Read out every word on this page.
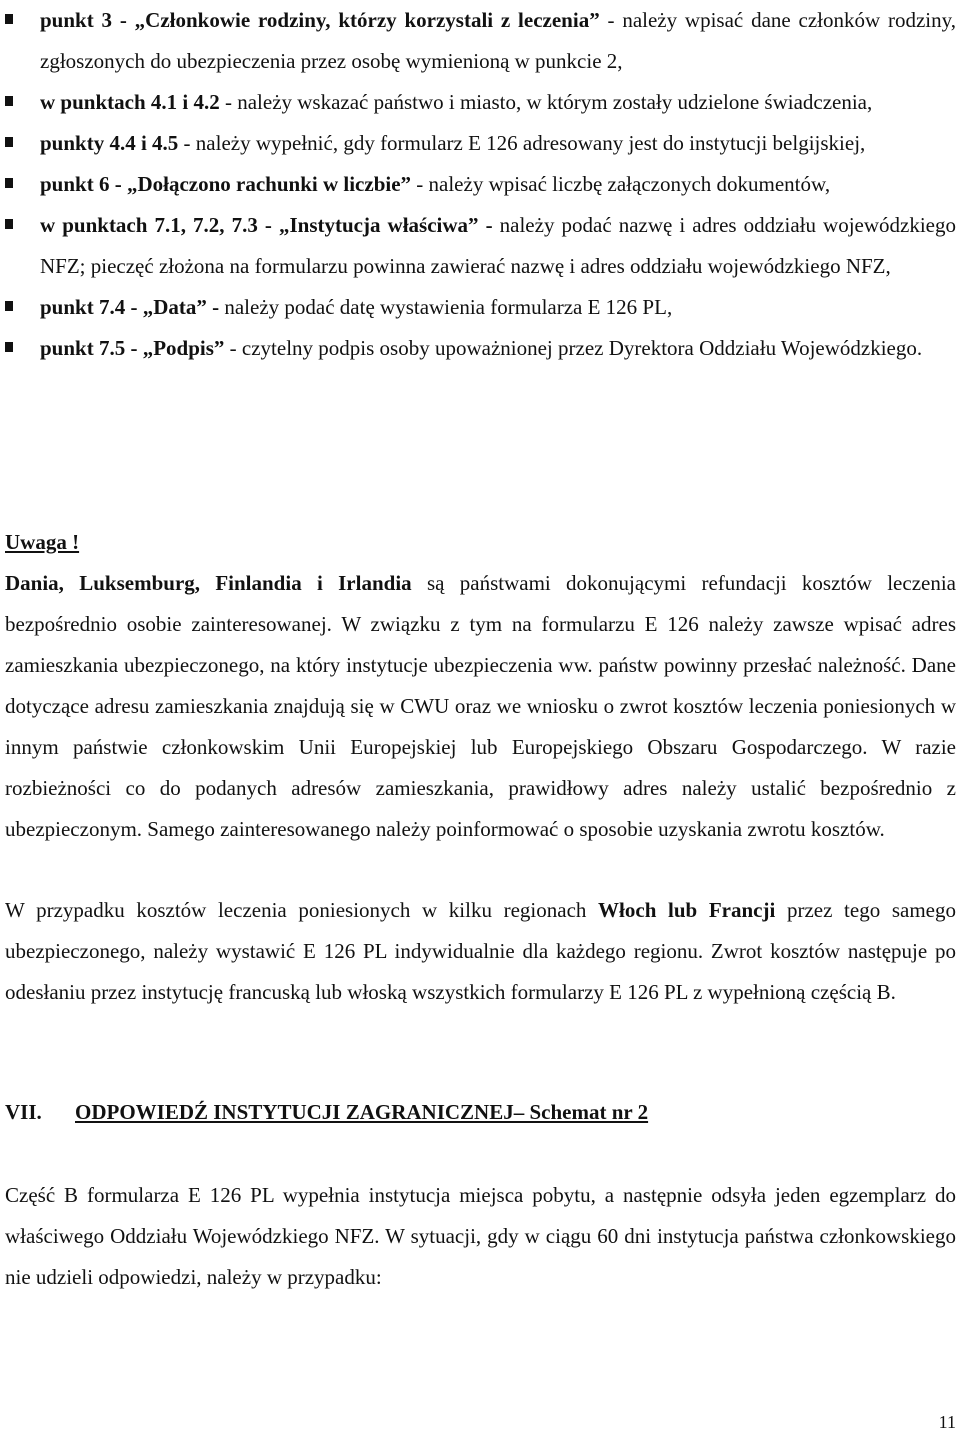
punkt 3 - „Członkowie rodziny, którzy korzystali z leczenia” - należy wpisać dane członków rodziny, zgłoszonych do ubezpieczenia przez osobę wymienioną w punkcie 2,
w punktach 4.1 i 4.2 - należy wskazać państwo i miasto, w którym zostały udzielone świadczenia,
punkty 4.4 i 4.5 - należy wypełnić, gdy formularz E 126 adresowany jest do instytucji belgijskiej,
punkt 6 - „Dołączono rachunki w liczbie” - należy wpisać liczbę załączonych dokumentów,
w punktach 7.1, 7.2, 7.3 - „Instytucja właściwa” - należy podać nazwę i adres oddziału wojewódzkiego NFZ; pieczęć złożona na formularzu powinna zawierać nazwę i adres oddziału wojewódzkiego NFZ,
punkt 7.4 - „Data” - należy podać datę wystawienia formularza E 126 PL,
punkt 7.5 - „Podpis” - czytelny podpis osoby upoważnionej przez Dyrektora Oddziału Wojewódzkiego.
Uwaga !
Dania, Luksemburg, Finlandia i Irlandia są państwami dokonującymi refundacji kosztów leczenia bezpośrednio osobie zainteresowanej. W związku z tym na formularzu E 126 należy zawsze wpisać adres zamieszkania ubezpieczonego, na który instytucje ubezpieczenia ww. państw powinny przesłać należność. Dane dotyczące adresu zamieszkania znajdują się w CWU oraz we wniosku o zwrot kosztów leczenia poniesionych w innym państwie członkowskim Unii Europejskiej lub Europejskiego Obszaru Gospodarczego. W razie rozbieżności co do podanych adresów zamieszkania, prawidłowy adres należy ustalić bezpośrednio z ubezpieczonym. Samego zainteresowanego należy poinformować o sposobie uzyskania zwrotu kosztów.
W przypadku kosztów leczenia poniesionych w kilku regionach Włoch lub Francji przez tego samego ubezpieczonego, należy wystawić E 126 PL indywidualnie dla każdego regionu. Zwrot kosztów następuje po odesłaniu przez instytucję francuską lub włoską wszystkich formularzy E 126 PL z wypełnioną częścią B.
VII. ODPOWIEDŹ INSTYTUCJI ZAGRANICZNEJ– Schemat nr 2
Część B formularza E 126 PL wypełnia instytucja miejsca pobytu, a następnie odsyła jeden egzemplarz do właściwego Oddziału Wojewódzkiego NFZ. W sytuacji, gdy w ciągu 60 dni instytucja państwa członkowskiego nie udzieli odpowiedzi, należy w przypadku:
11
